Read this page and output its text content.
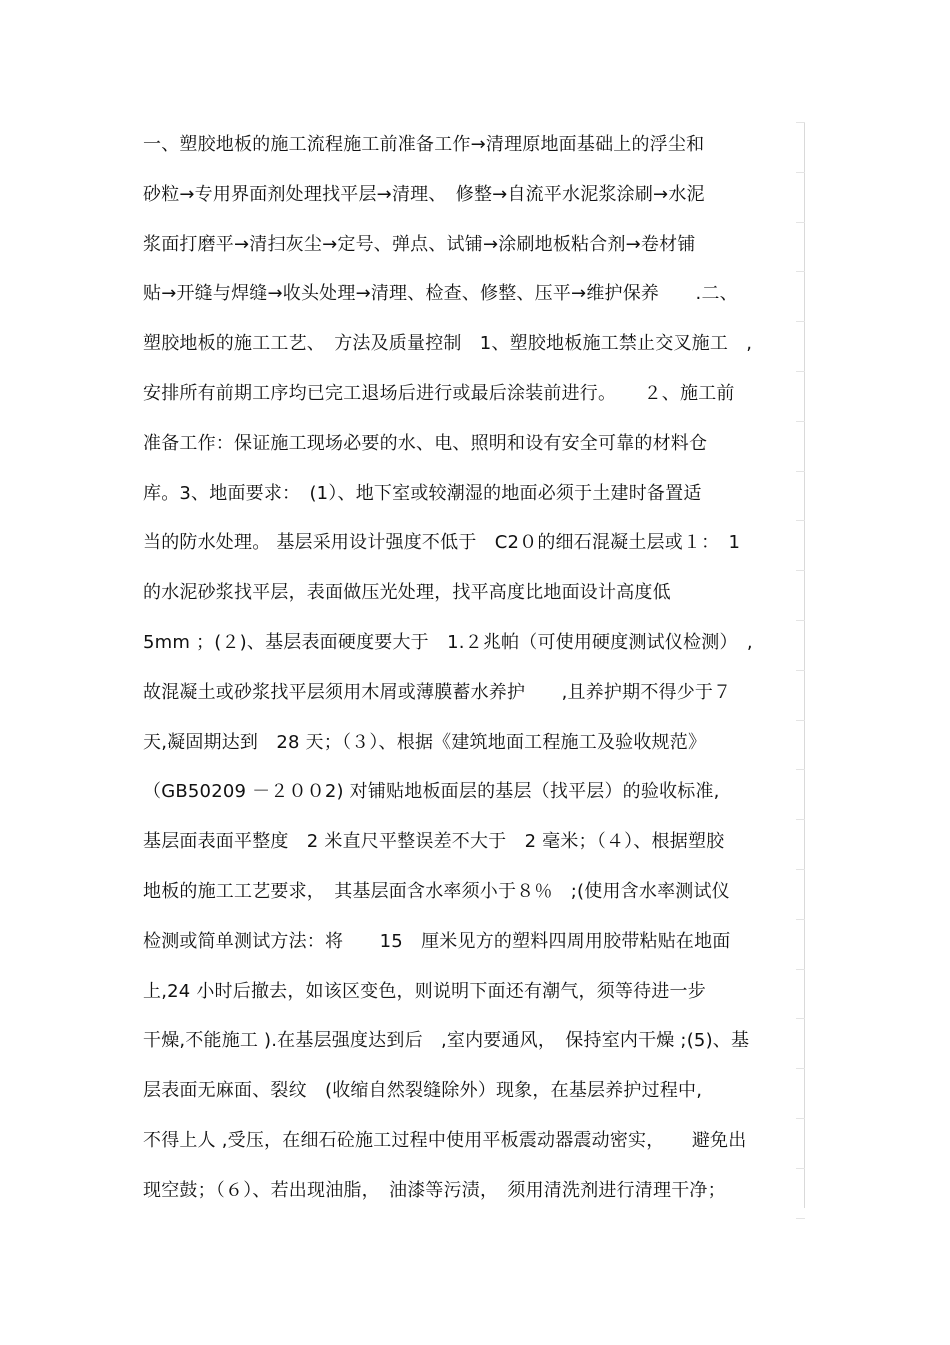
一、塑胶地板的施工流程施工前准备工作→清理原地面基础上的浮尘和
砂粒→专用界面剂处理找平层→清理、　修整→自流平水泥浆涂刷→水泥
浆面打磨平→清扫灰尘→定号、弹点、试铺→涂刷地板粘合剂→卷材铺
贴→开缝与焊缝→收头处理→清理、检查、修整、压平→维护保养　　.二、
塑胶地板的施工工艺、　方法及质量控制　1、塑胶地板施工禁止交叉施工　,
安排所有前期工序均已完工退场后进行或最后涂装前进行。　　２、施工前
准备工作：保证施工现场必要的水、电、照明和设有安全可靠的材料仓
库。3、地面要求：　(1）、地下室或较潮湿的地面必须于土建时备置适
当的防水处理。 基层采用设计强度不低于　C2０的细石混凝土层或１：　1
的水泥砂浆找平层，表面做压光处理，找平高度比地面设计高度低
5mm ；(２)、基层表面硬度要大于　1.２兆帕（可使用硬度测试仪检测）　,
故混凝土或砂浆找平层须用木屑或薄膜蓄水养护　　,且养护期不得少于７
天,凝固期达到　28 天；（３）、根据《建筑地面工程施工及验收规范》
（GB50209 －２００2) 对铺贴地板面层的基层（找平层）的验收标准,
基层面表面平整度　2 米直尺平整误差不大于　2 毫米；（４）、根据塑胶
地板的施工工艺要求，　其基层面含水率须小于８％　;(使用含水率测试仪
检测或简单测试方法：将　　15　厘米见方的塑料四周用胶带粘贴在地面
上,24 小时后撤去，如该区变色，则说明下面还有潮气，须等待进一步
干燥,不能施工 ).在基层强度达到后　,室内要通风，　保持室内干燥 ;(5)、基
层表面无麻面、裂纹　(收缩自然裂缝除外）现象，在基层养护过程中,
不得上人 ,受压，在细石砼施工过程中使用平板震动器震动密实，　　避免出
现空鼓；（６）、若出现油脂，　油漆等污渍，　须用清洗剂进行清理干净；
